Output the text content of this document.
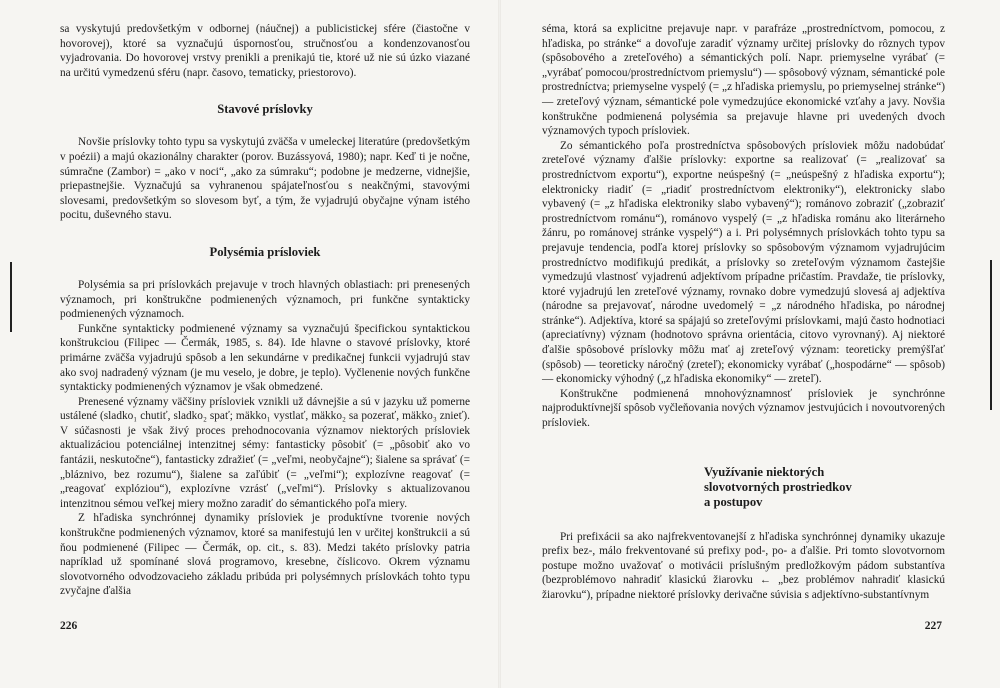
sa vyskytujú predovšetkým v odbornej (náučnej) a publicistickej sfére (čiastočne v hovorovej), ktoré sa vyznačujú úspornosťou, stručnosťou a kondenzovanosťou vyjadrovania. Do hovorovej vrstvy prenikli a prenikajú tie, ktoré už nie sú úzko viazané na určitú vymedzenú sféru (napr. časovo, tematicky, priestorovo).

Stavové príslovky

Novšie príslovky tohto typu sa vyskytujú zväčša v umeleckej literatúre (predovšetkým v poézii) a majú okazionálny charakter (porov. Buzássyová, 1980); napr. Keď ti je nočne, súmračne (Zambor) = „ako v noci“, „ako za súmraku“; podobne je medzerne, vidnejšie, priepastnejšie. Vyznačujú sa vyhranenou spájateľnosťou s neakčnými, stavovými slovesami, predovšetkým so slovesom byť, a tým, že vyjadrujú obyčajne výnam istého pocitu, duševného stavu.

Polysémia prísloviek

Polysémia sa pri príslovkách prejavuje v troch hlavných oblastiach: pri prenesených významoch, pri konštrukčne podmienených významoch, pri funkčne syntakticky podmienených významoch.

Funkčne syntakticky podmienené významy sa vyznačujú špecifickou syntaktickou konštrukciou (Filipec — Čermák, 1985, s. 84). Ide hlavne o stavové príslovky, ktoré primárne zväčša vyjadrujú spôsob a len sekundárne v predikačnej funkcii vyjadrujú stav ako svoj nadradený význam (je mu veselo, je dobre, je teplo). Vyčlenenie nových funkčne syntakticky podmienených významov je však obmedzené.

Prenesené významy väčšiny prísloviek vznikli už dávnejšie a sú v jazyku už pomerne ustálené (sladko₁ chutiť, sladko₂ spať; mäkko₁ vystlať, mäkko₂ sa pozerať, mäkko₃ znieť). V súčasnosti je však živý proces prehodnocovania významov niektorých prísloviek aktualizáciou potenciálnej intenzitnej sémy: fantasticky pôsobiť (= „pôsobiť ako vo fantázii, neskutočne“), fantasticky zdražieť (= „veľmi, neobyčajne“); šialene sa správať (= „bláznivo, bez rozumu“), šialene sa zaľúbiť (= „veľmi“); explozívne reagovať (= „reagovať explóziou“), explozívne vzrásť („veľmi“). Príslovky s aktualizovanou intenzitnou sémou veľkej miery možno zaradiť do sémantického poľa miery.

Z hľadiska synchrónnej dynamiky prísloviek je produktívne tvorenie nových konštrukčne podmienených významov, ktoré sa manifestujú len v určitej konštrukcii a sú ňou podmienené (Filipec — Čermák, op. cit., s. 83). Medzi takéto príslovky patria napríklad už spomínané slová programovo, kresebne, číslicovo. Okrem významu slovotvorného odvodzovacieho základu pribúda pri polysémnych príslovkách tohto typu zvyčajne ďalšia

226

séma, ktorá sa explicitne prejavuje napr. v parafráze „prostredníctvom, pomocou, z hľadiska, po stránke“ a dovoľuje zaradiť významy určitej príslovky do rôznych typov (spôsobového a zreteľového) a sémantických polí. Napr. priemyselne vyrábať (= „vyrábať pomocou/prostredníctvom priemyslu“) — spôsobový význam, sémantické pole prostredníctva; priemyselne vyspelý (= „z hľadiska priemyslu, po priemyselnej stránke“) — zreteľový význam, sémantické pole vymedzujúce ekonomické vzťahy a javy. Novšia konštrukčne podmienená polysémia sa prejavuje hlavne pri uvedených dvoch významových typoch prísloviek.

Zo sémantického poľa prostredníctva spôsobových prísloviek môžu nadobúdať zreteľové významy ďalšie príslovky: exportne sa realizovať (= „realizovať sa prostredníctvom exportu“), exportne neúspešný (= „neúspešný z hľadiska exportu“); elektronicky riadiť (= „riadiť prostredníctvom elektroniky“), elektronicky slabo vybavený (= „z hľadiska elektroniky slabo vybavený“); románovo zobraziť („zobraziť prostredníctvom románu“), románovo vyspelý (= „z hľadiska románu ako literárneho žánru, po románovej stránke vyspelý“) a i. Pri polysémnych príslovkách tohto typu sa prejavuje tendencia, podľa ktorej príslovky so spôsobovým významom vyjadrujúcim prostredníctvo modifikujú predikát, a príslovky so zreteľovým významom častejšie vymedzujú vlastnosť vyjadrenú adjektívom prípadne pričastím. Pravdaže, tie príslovky, ktoré vyjadrujú len zreteľové významy, rovnako dobre vymedzujú slovesá aj adjektíva (národne sa prejavovať, národne uvedomelý = „z národného hľadiska, po národnej stránke“). Adjektíva, ktoré sa spájajú so zreteľovými príslovkami, majú často hodnotiaci (apreciatívny) význam (hodnotovo správna orientácia, citovo vyrovnaný). Aj niektoré ďalšie spôsobové príslovky môžu mať aj zreteľový význam: teoreticky premýšľať (spôsob) — teoreticky náročný (zreteľ); ekonomicky vyrábať („hospodárne“ — spôsob) — ekonomicky výhodný („z hľadiska ekonomiky“ — zreteľ).

Konštrukčne podmienená mnohovýznamnosť prísloviek je synchrónne najproduktívnejší spôsob vyčleňovania nových významov jestvujúcich i novoutvorených prísloviek.

Využívanie niektorých
slovotvorných prostriedkov
a postupov

Pri prefixácii sa ako najfrekventovanejší z hľadiska synchrónnej dynamiky ukazuje prefix bez-, málo frekventované sú prefixy pod-, po- a ďalšie. Pri tomto slovotvornom postupe možno uvažovať o motivácii príslušným predložkovým pádom substantíva (bezproblémovo nahradiť klasickú žiarovku ← „bez problémov nahradiť klasickú žiarovku“), prípadne niektoré príslovky derivačne súvisia s adjektívno-substantívnym

227
